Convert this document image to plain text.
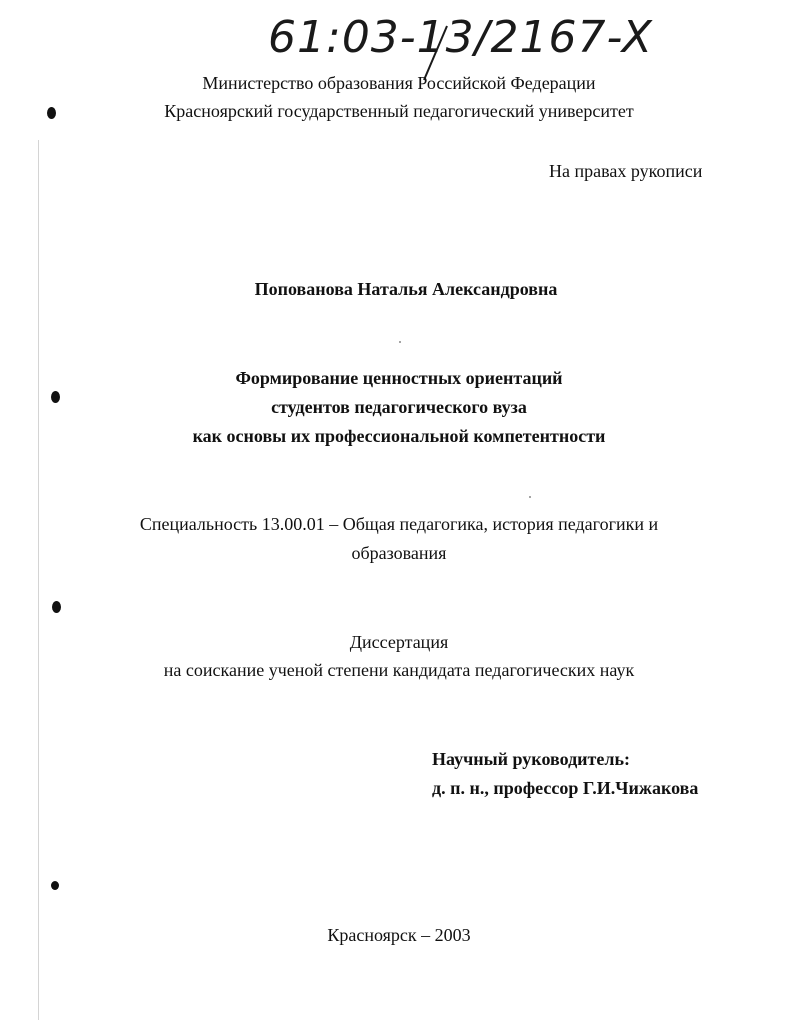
61:03-13/2167-X
Министерство образования Российской Федерации
Красноярский государственный педагогический университет
На правах рукописи
Попованова Наталья Александровна
Формирование ценностных ориентаций
студентов педагогического вуза
как основы их профессиональной компетентности
Специальность 13.00.01 – Общая педагогика, история педагогики и
образования
Диссертация
на соискание ученой степени кандидата педагогических наук
Научный руководитель:
д. п. н., профессор Г.И.Чижакова
Красноярск – 2003
